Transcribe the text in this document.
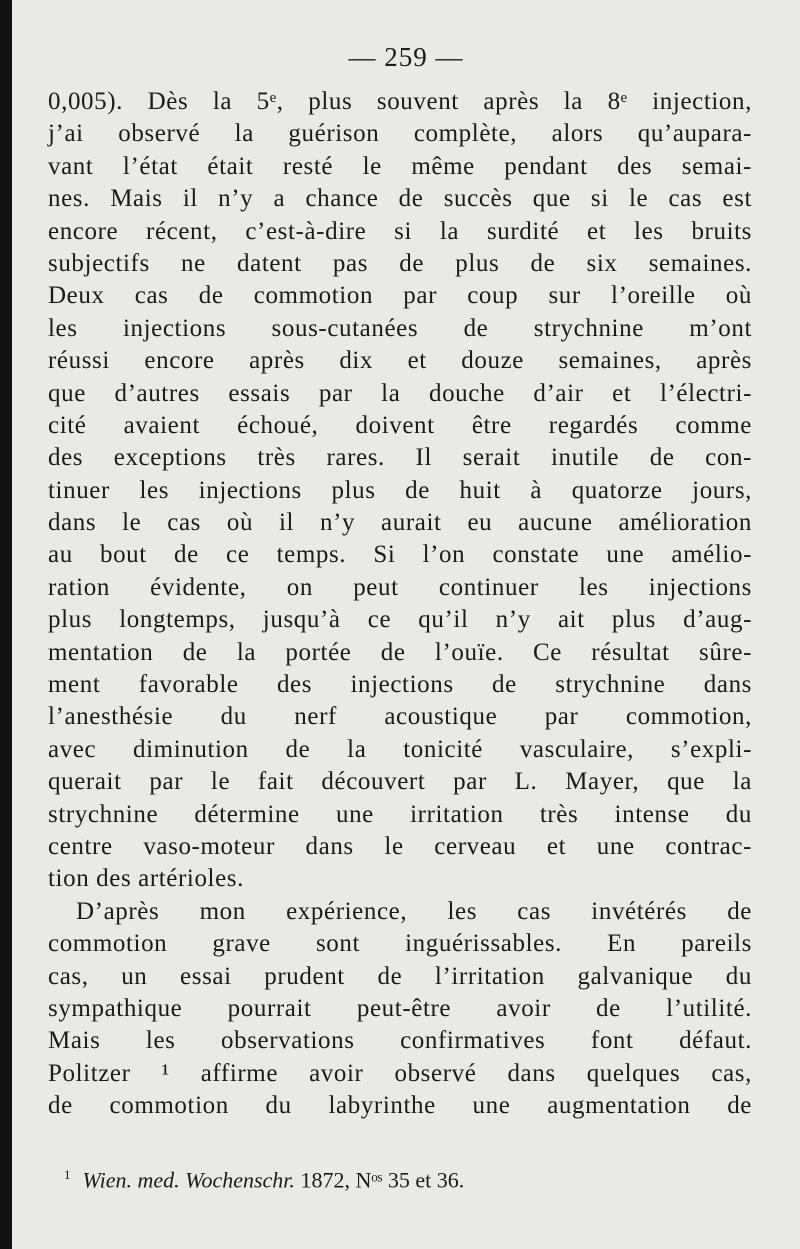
— 259 —
0,005). Dès la 5ᵉ, plus souvent après la 8ᵉ injection,
j’ai observé la guérison complète, alors qu’aupara-
vant l’état était resté le même pendant des semai-
nes. Mais il n’y a chance de succès que si le cas est
encore récent, c’est-à-dire si la surdité et les bruits
subjectifs ne datent pas de plus de six semaines.
Deux cas de commotion par coup sur l’oreille où
les injections sous-cutanées de strychnine m’ont
réussi encore après dix et douze semaines, après
que d’autres essais par la douche d’air et l’électri-
cité avaient échoué, doivent être regardés comme
des exceptions très rares. Il serait inutile de con-
tinuer les injections plus de huit à quatorze jours,
dans le cas où il n’y aurait eu aucune amélioration
au bout de ce temps. Si l’on constate une amélio-
ration évidente, on peut continuer les injections
plus longtemps, jusqu’à ce qu’il n’y ait plus d’aug-
mentation de la portée de l’ouïe. Ce résultat sûre-
ment favorable des injections de strychnine dans
l’anesthésie du nerf acoustique par commotion,
avec diminution de la tonicité vasculaire, s’expli-
querait par le fait découvert par L. Mayer, que la
strychnine détermine une irritation très intense du
centre vaso-moteur dans le cerveau et une contrac-
tion des artérioles.
D’après mon expérience, les cas invétérés de
commotion grave sont inguérissables. En pareils
cas, un essai prudent de l’irritation galvanique du
sympathique pourrait peut-être avoir de l’utilité.
Mais les observations confirmatives font défaut.
Politzer ¹ affirme avoir observé dans quelques cas,
de commotion du labyrinthe une augmentation de
$^1$ Wien. med. Wochenschr. 1872, Nᵒˢ 35 et 36.
